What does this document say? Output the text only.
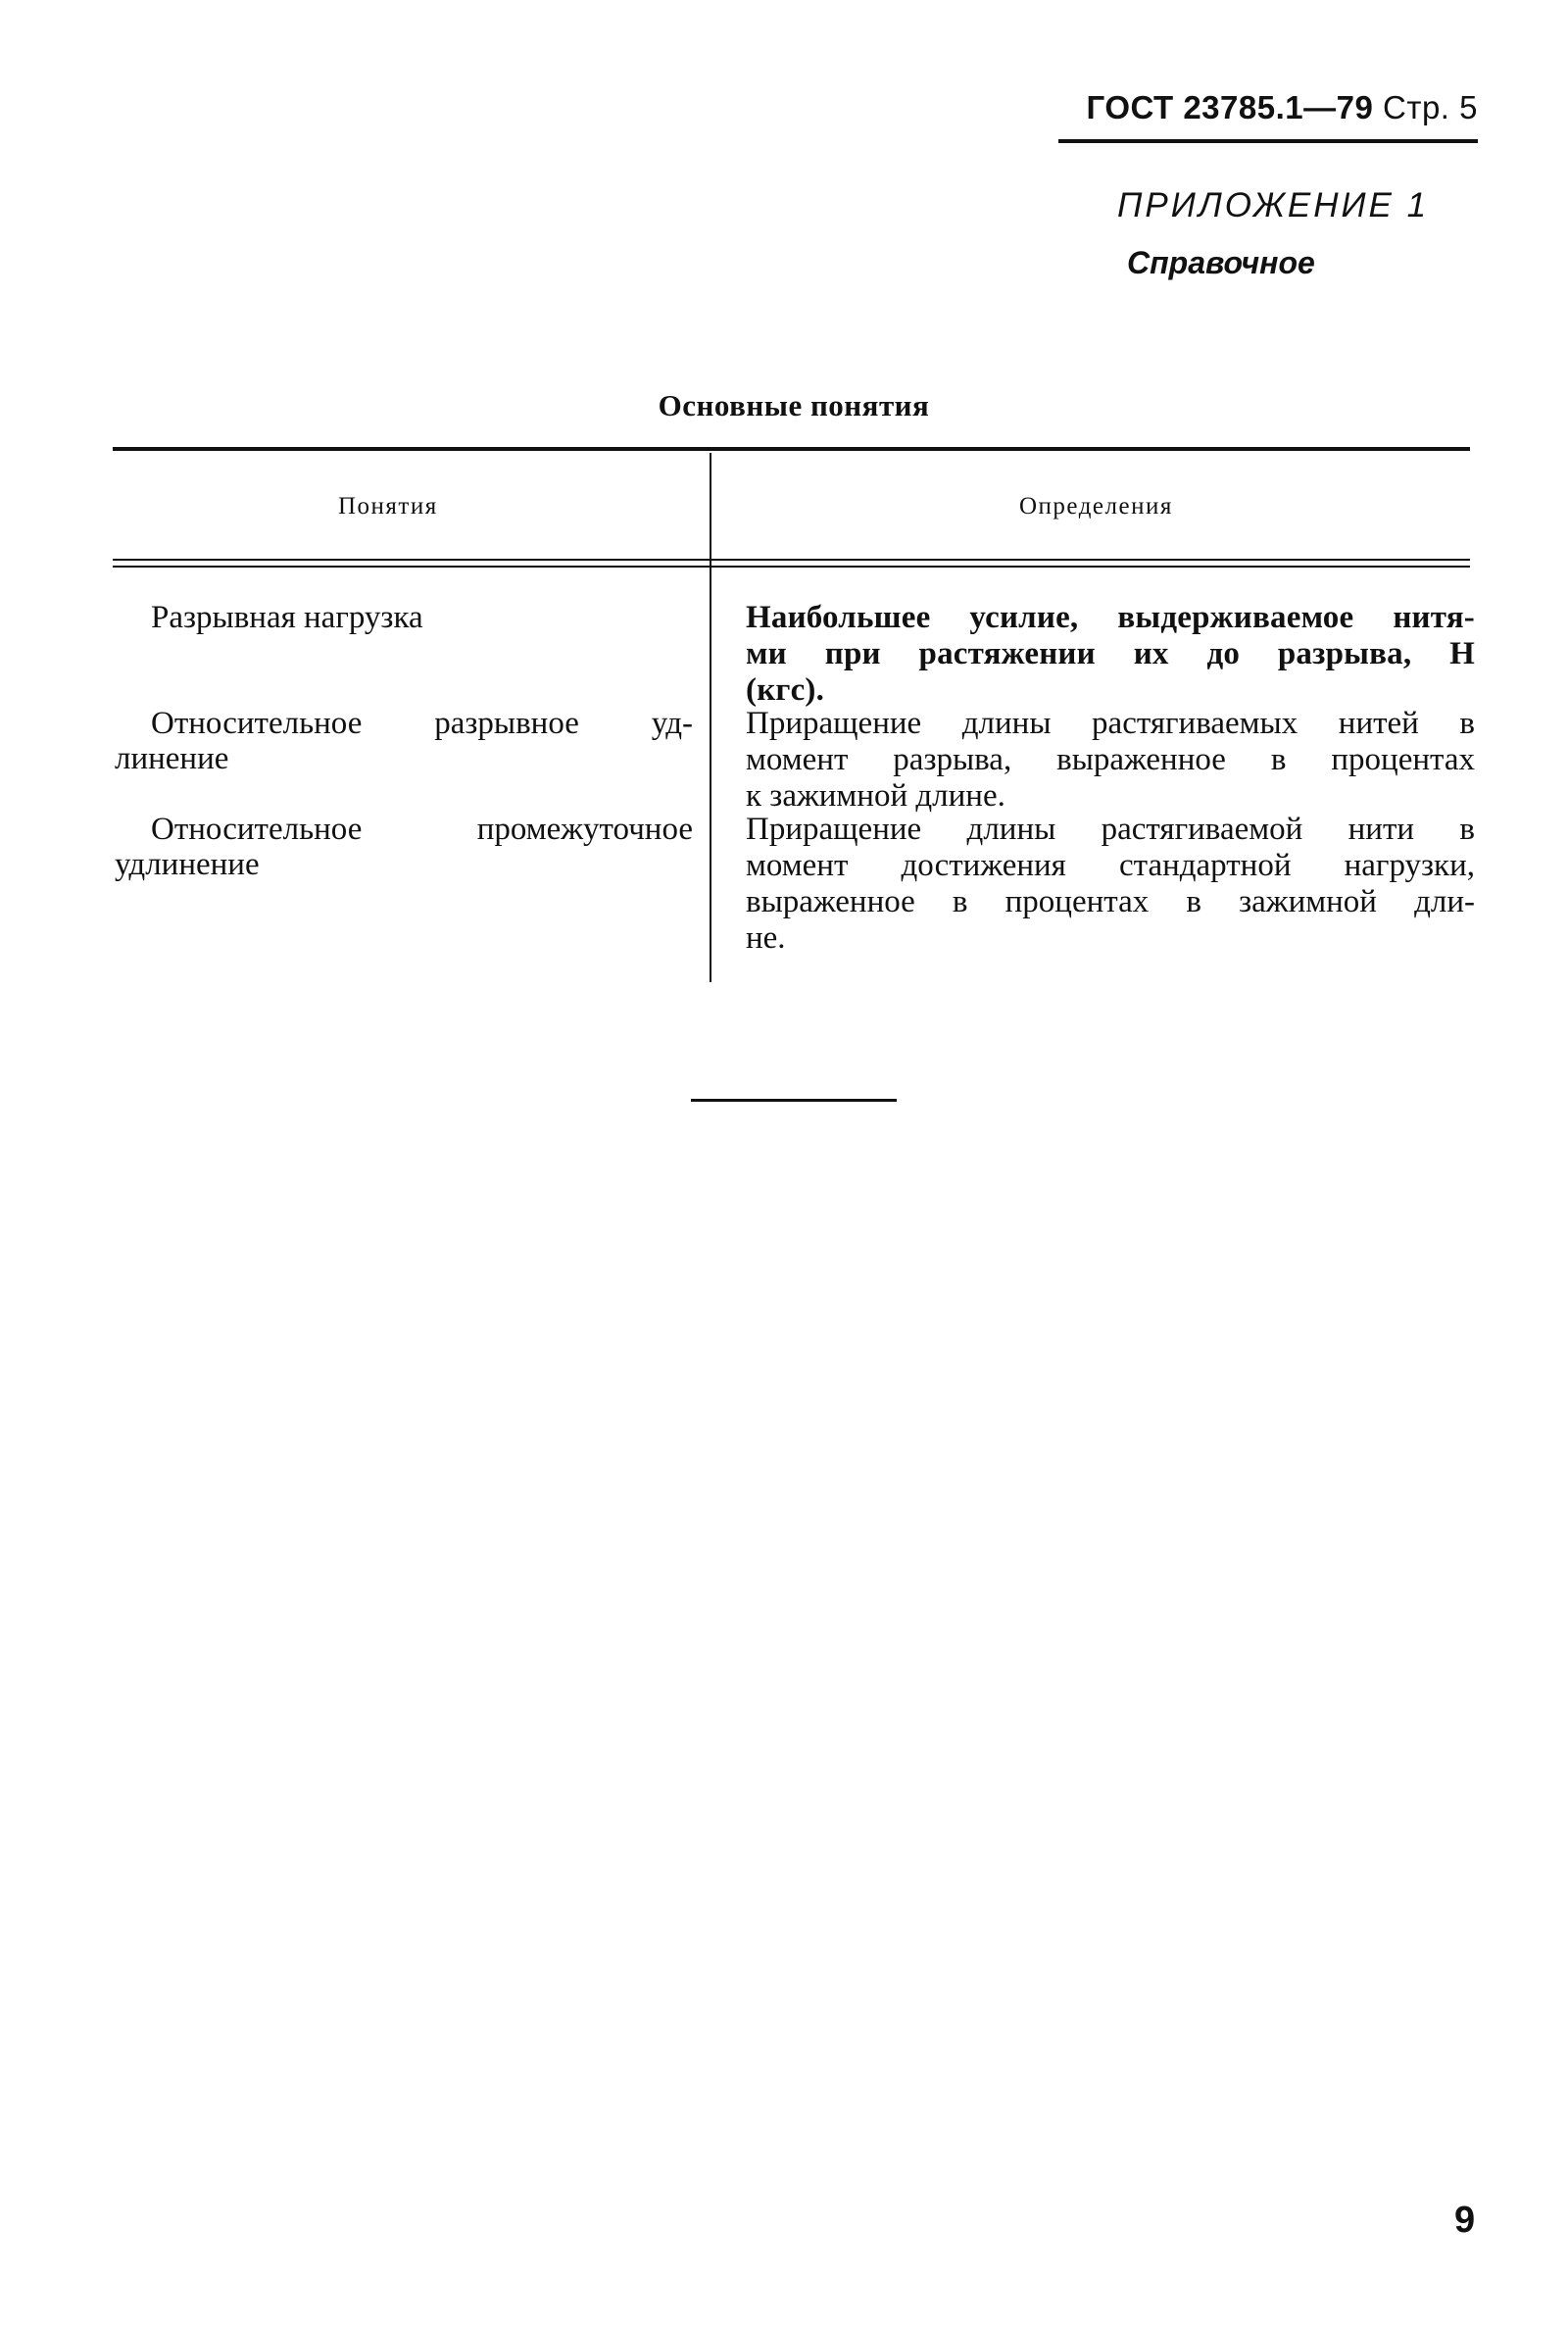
ГОСТ 23785.1—79 Стр. 5
ПРИЛОЖЕНИЕ 1
Справочное
Основные понятия
Понятия	Определения
Разрывная нагрузка	Наибольшее усилие, выдерживаемое нитя-
ми при растяжении их до разрыва, Н
(кгс).
Относительное разрывное уд-
линение
Приращение длины растягиваемых нитей в
момент разрыва, выраженное в процентах
к зажимной длине.
Относительное промежуточное
удлинение
Приращение длины растягиваемой нити в
момент достижения стандартной нагрузки,
выраженное в процентах в зажимной дли-
не.
9
